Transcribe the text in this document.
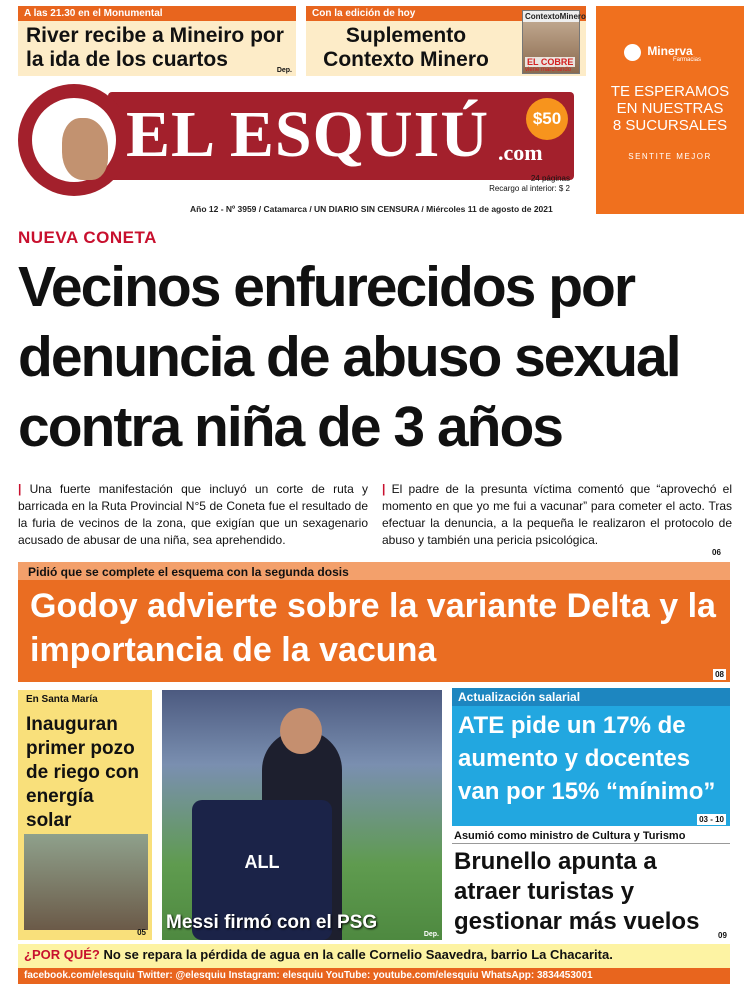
A las 21.30 en el Monumental
River recibe a Mineiro por la ida de los cuartos	Dep.
Con la edición de hoy
Suplemento Contexto Minero
ContextoMinero
EL COBRE
viene marchando
Minerva
Farmacias
TE ESPERAMOS
EN NUESTRAS
8 SUCURSALES
SENTITE MEJOR
EL ESQUIÚ .com
$50
24 páginas
Recargo al interior: $ 2
Año 12 - Nº 3959 / Catamarca / UN DIARIO SIN CENSURA / Miércoles 11 de agosto de 2021
NUEVA CONETA
Vecinos enfurecidos por denuncia de abuso sexual contra niña de 3 años
| Una fuerte manifestación que incluyó un corte de ruta y barricada en la Ruta Provincial N°5 de Coneta fue el resultado de la furia de vecinos de la zona, que exigían que un sexagenario acusado de abusar de una niña, sea aprehendido.
| El padre de la presunta víctima comentó que “aprovechó el momento en que yo me fui a vacunar” para cometer el acto. Tras efectuar la denuncia, a la pequeña le realizaron el protocolo de abuso y también una pericia psicológica.
06
Pidió que se complete el esquema con la segunda dosis
Godoy advierte sobre la variante Delta y la importancia de la vacuna
08
En Santa María
Inauguran primer pozo de riego con energía solar
05
ALL
Messi firmó con el PSG
Dep.
Actualización salarial
ATE pide un 17% de aumento y docentes van por 15% “mínimo”
03 - 10
Asumió como ministro de Cultura y Turismo
Brunello apunta a atraer turistas y gestionar más vuelos
09
¿POR QUÉ? No se repara la pérdida de agua en la calle Cornelio Saavedra, barrio La Chacarita.
facebook.com/elesquiu Twitter: @elesquiu Instagram: elesquiu YouTube: youtube.com/elesquiu WhatsApp: 3834453001
